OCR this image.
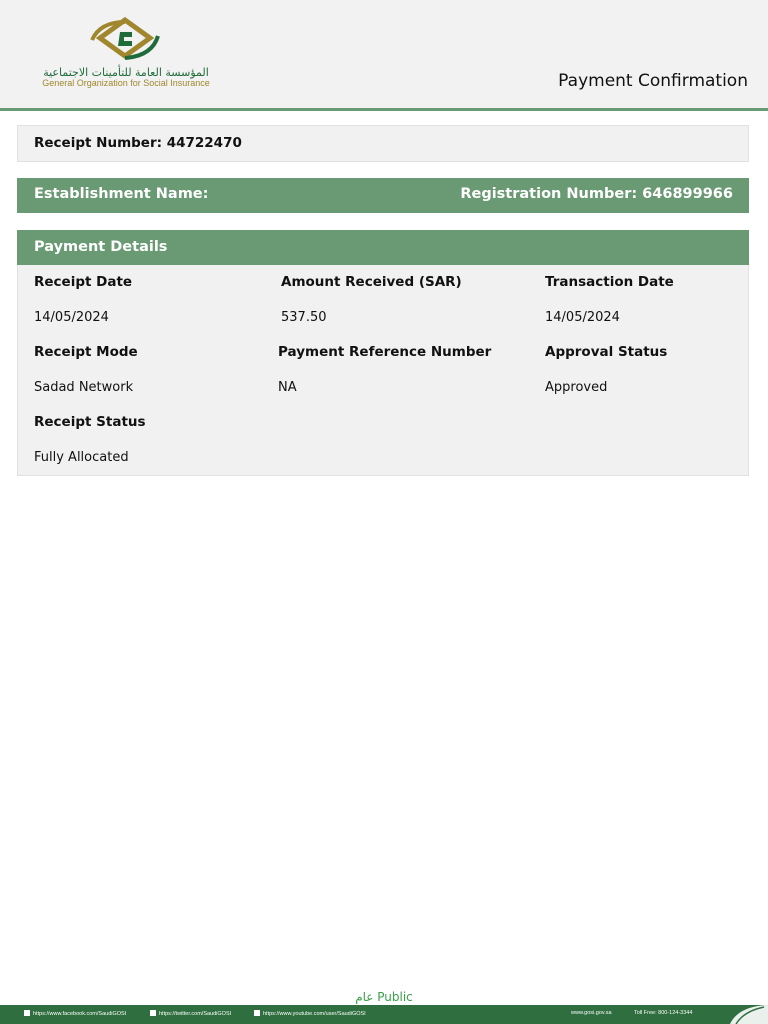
المؤسسة العامة للتأمينات الاجتماعية
General Organization for Social Insurance	Payment Confirmation
Receipt Number: 44722470
Establishment Name:	Registration Number: 646899966
Payment Details
Receipt Date	Amount Received (SAR)	Transaction Date
14/05/2024	537.50	14/05/2024
Receipt Mode	Payment Reference Number	Approval Status
Sadad Network	NA	Approved
Receipt Status
Fully Allocated
عام Public
https://www.facebook.com/SaudiGOSI	https://twitter.com/SaudiGOSI	https://www.youtube.com/user/SaudiGOSI	www.gosi.gov.sa	Toll Free: 800-124-3344
